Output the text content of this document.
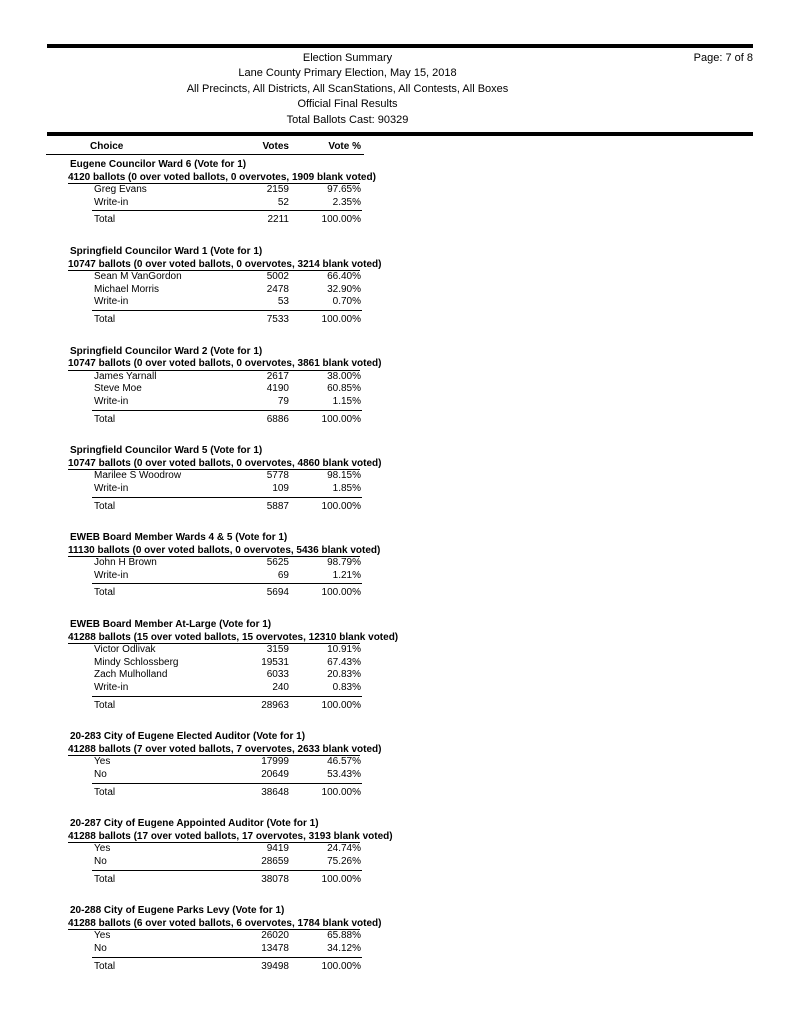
Election Summary
Lane County Primary Election, May 15, 2018
All Precincts, All Districts, All ScanStations, All Contests, All Boxes
Official Final Results
Total Ballots Cast: 90329
Page: 7 of 8
Choice	Votes	Vote %
Eugene Councilor Ward 6 (Vote for 1)
4120 ballots (0 over voted ballots, 0 overvotes, 1909 blank voted)
Greg Evans	2159	97.65%
Write-in	52	2.35%
Total	2211	100.00%
Springfield Councilor Ward 1 (Vote for 1)
10747 ballots (0 over voted ballots, 0 overvotes, 3214 blank voted)
Sean M VanGordon	5002	66.40%
Michael Morris	2478	32.90%
Write-in	53	0.70%
Total	7533	100.00%
Springfield Councilor Ward 2 (Vote for 1)
10747 ballots (0 over voted ballots, 0 overvotes, 3861 blank voted)
James Yarnall	2617	38.00%
Steve Moe	4190	60.85%
Write-in	79	1.15%
Total	6886	100.00%
Springfield Councilor Ward 5 (Vote for 1)
10747 ballots (0 over voted ballots, 0 overvotes, 4860 blank voted)
Marilee S Woodrow	5778	98.15%
Write-in	109	1.85%
Total	5887	100.00%
EWEB Board Member Wards 4 & 5 (Vote for 1)
11130 ballots (0 over voted ballots, 0 overvotes, 5436 blank voted)
John H Brown	5625	98.79%
Write-in	69	1.21%
Total	5694	100.00%
EWEB Board Member At-Large (Vote for 1)
41288 ballots (15 over voted ballots, 15 overvotes, 12310 blank voted)
Victor Odlivak	3159	10.91%
Mindy Schlossberg	19531	67.43%
Zach Mulholland	6033	20.83%
Write-in	240	0.83%
Total	28963	100.00%
20-283 City of Eugene Elected Auditor (Vote for 1)
41288 ballots (7 over voted ballots, 7 overvotes, 2633 blank voted)
Yes	17999	46.57%
No	20649	53.43%
Total	38648	100.00%
20-287 City of Eugene Appointed Auditor (Vote for 1)
41288 ballots (17 over voted ballots, 17 overvotes, 3193 blank voted)
Yes	9419	24.74%
No	28659	75.26%
Total	38078	100.00%
20-288 City of Eugene Parks Levy (Vote for 1)
41288 ballots (6 over voted ballots, 6 overvotes, 1784 blank voted)
Yes	26020	65.88%
No	13478	34.12%
Total	39498	100.00%
